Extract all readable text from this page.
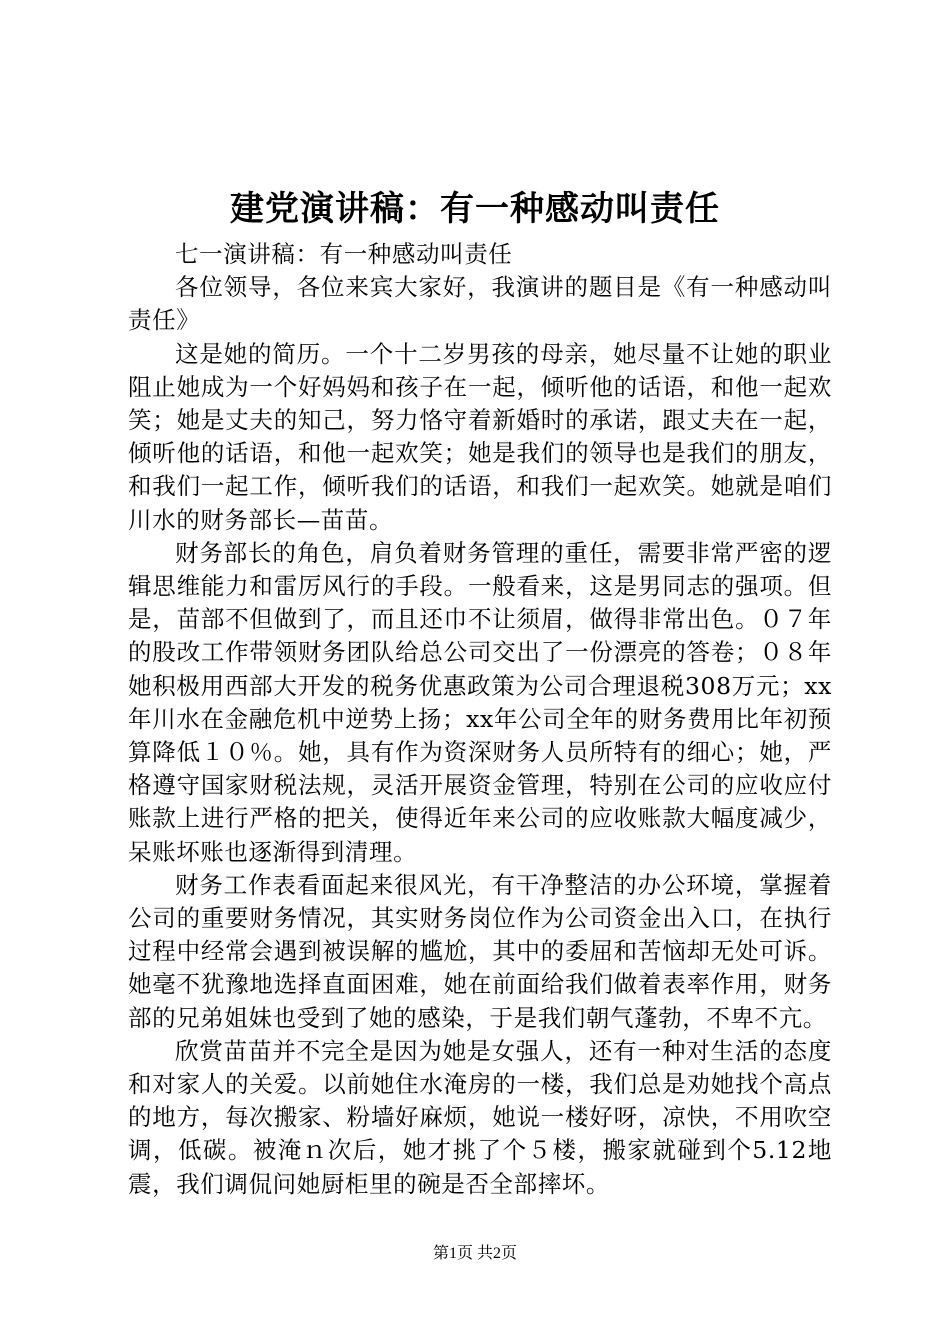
建党演讲稿：有一种感动叫责任

七一演讲稿：有一种感动叫责任

各位领导，各位来宾大家好，我演讲的题目是《有一种感动叫责任》

这是她的简历。一个十二岁男孩的母亲，她尽量不让她的职业阻止她成为一个好妈妈和孩子在一起，倾听他的话语，和他一起欢笑；她是丈夫的知己，努力恪守着新婚时的承诺，跟丈夫在一起，倾听他的话语，和他一起欢笑；她是我们的领导也是我们的朋友，和我们一起工作，倾听我们的话语，和我们一起欢笑。她就是咱们川水的财务部长—苗苗。

财务部长的角色，肩负着财务管理的重任，需要非常严密的逻辑思维能力和雷厉风行的手段。一般看来，这是男同志的强项。但是，苗部不但做到了，而且还巾不让须眉，做得非常出色。０７年的股改工作带领财务团队给总公司交出了一份漂亮的答卷；０８年她积极用西部大开发的税务优惠政策为公司合理退税308万元；xx年川水在金融危机中逆势上扬；xx年公司全年的财务费用比年初预算降低１０％。她，具有作为资深财务人员所特有的细心；她，严格遵守国家财税法规，灵活开展资金管理，特别在公司的应收应付账款上进行严格的把关，使得近年来公司的应收账款大幅度减少，呆账坏账也逐渐得到清理。

财务工作表看面起来很风光，有干净整洁的办公环境，掌握着公司的重要财务情况，其实财务岗位作为公司资金出入口，在执行过程中经常会遇到被误解的尴尬，其中的委屈和苦恼却无处可诉。她毫不犹豫地选择直面困难，她在前面给我们做着表率作用，财务部的兄弟姐妹也受到了她的感染，于是我们朝气蓬勃，不卑不亢。

欣赏苗苗并不完全是因为她是女强人，还有一种对生活的态度和对家人的关爱。以前她住水淹房的一楼，我们总是劝她找个高点的地方，每次搬家、粉墙好麻烦，她说一楼好呀，凉快，不用吹空调，低碳。被淹ｎ次后，她才挑了个５楼，搬家就碰到个5.12地震，我们调侃问她厨柜里的碗是否全部摔坏。

第1页 共2页
